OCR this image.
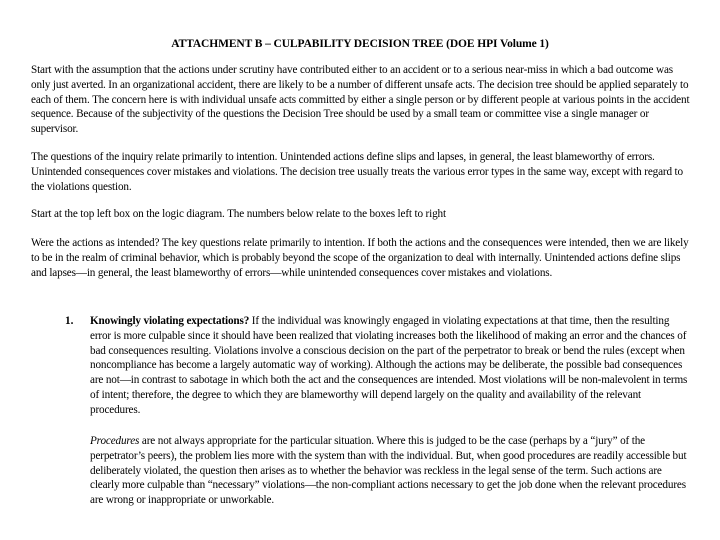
ATTACHMENT B – CULPABILITY DECISION TREE (DOE HPI Volume 1)

Start with the assumption that the actions under scrutiny have contributed either to an accident or to a serious near-miss in which a bad outcome was only just averted. In an organizational accident, there are likely to be a number of different unsafe acts. The decision tree should be applied separately to each of them. The concern here is with individual unsafe acts committed by either a single person or by different people at various points in the accident sequence. Because of the subjectivity of the questions the Decision Tree should be used by a small team or committee vise a single manager or supervisor.

The questions of the inquiry relate primarily to intention. Unintended actions define slips and lapses, in general, the least blameworthy of errors. Unintended consequences cover mistakes and violations. The decision tree usually treats the various error types in the same way, except with regard to the violations question.

Start at the top left box on the logic diagram. The numbers below relate to the boxes left to right

Were the actions as intended? The key questions relate primarily to intention. If both the actions and the consequences were intended, then we are likely to be in the realm of criminal behavior, which is probably beyond the scope of the organization to deal with internally. Unintended actions define slips and lapses—in general, the least blameworthy of errors—while unintended consequences cover mistakes and violations.

1. Knowingly violating expectations? If the individual was knowingly engaged in violating expectations at that time, then the resulting error is more culpable since it should have been realized that violating increases both the likelihood of making an error and the chances of bad consequences resulting. Violations involve a conscious decision on the part of the perpetrator to break or bend the rules (except when noncompliance has become a largely automatic way of working). Although the actions may be deliberate, the possible bad consequences are not—in contrast to sabotage in which both the act and the consequences are intended. Most violations will be non-malevolent in terms of intent; therefore, the degree to which they are blameworthy will depend largely on the quality and availability of the relevant procedures.
Procedures are not always appropriate for the particular situation. Where this is judged to be the case (perhaps by a “jury” of the perpetrator’s peers), the problem lies more with the system than with the individual. But, when good procedures are readily accessible but deliberately violated, the question then arises as to whether the behavior was reckless in the legal sense of the term. Such actions are clearly more culpable than “necessary” violations—the non-compliant actions necessary to get the job done when the relevant procedures are wrong or inappropriate or unworkable.
